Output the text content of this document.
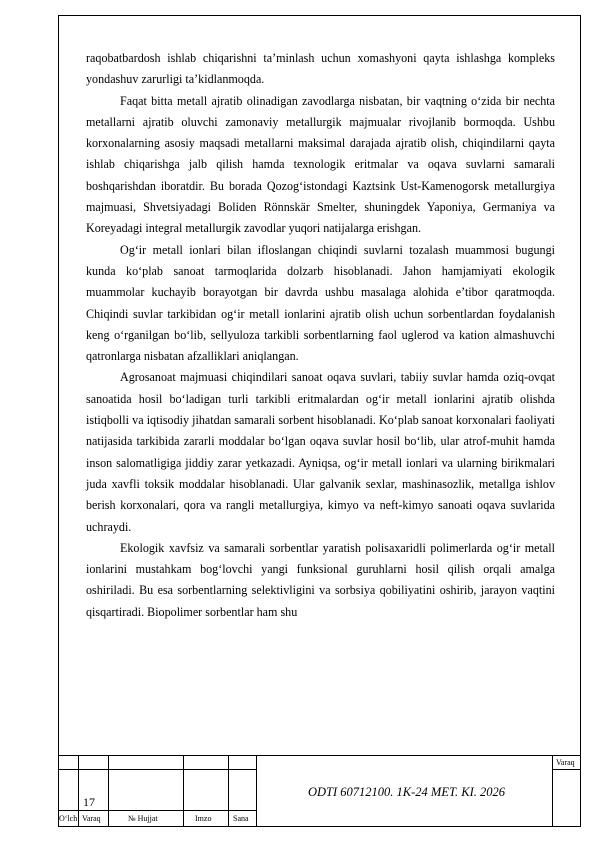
raqobatbardosh ishlab chiqarishni ta’minlash uchun xomashyoni qayta ishlashga kompleks yondashuv zarurligi ta’kidlanmoqda.

Faqat bitta metall ajratib olinadigan zavodlarga nisbatan, bir vaqtning o‘zida bir nechta metallarni ajratib oluvchi zamonaviy metallurgik majmualar rivojlanib bormoqda. Ushbu korxonalarning asosiy maqsadi metallarni maksimal darajada ajratib olish, chiqindilarni qayta ishlab chiqarishga jalb qilish hamda texnologik eritmalar va oqava suvlarni samarali boshqarishdan iboratdir. Bu borada Qozog‘istondagi Kaztsink Ust-Kamenogorsk metallurgiya majmuasi, Shvetsiyadagi Boliden Rönnskär Smelter, shuningdek Yaponiya, Germaniya va Koreyadagi integral metallurgik zavodlar yuqori natijalarga erishgan.

Og‘ir metall ionlari bilan ifloslangan chiqindi suvlarni tozalash muammosi bugungi kunda ko‘plab sanoat tarmoqlarida dolzarb hisoblanadi. Jahon hamjamiyati ekologik muammolar kuchayib borayotgan bir davrda ushbu masalaga alohida e’tibor qaratmoqda. Chiqindi suvlar tarkibidan og‘ir metall ionlarini ajratib olish uchun sorbentlardan foydalanish keng o‘rganilgan bo‘lib, sellyuloza tarkibli sorbentlarning faol uglerod va kation almashuvchi qatronlarga nisbatan afzalliklari aniqlangan.

Agrosanoat majmuasi chiqindilari sanoat oqava suvlari, tabiiy suvlar hamda oziq-ovqat sanoatida hosil bo‘ladigan turli tarkibli eritmalardan og‘ir metall ionlarini ajratib olishda istiqbolli va iqtisodiy jihatdan samarali sorbent hisoblanadi. Ko‘plab sanoat korxonalari faoliyati natijasida tarkibida zararli moddalar bo‘lgan oqava suvlar hosil bo‘lib, ular atrof-muhit hamda inson salomatligiga jiddiy zarar yetkazadi. Ayniqsa, og‘ir metall ionlari va ularning birikmalari juda xavfli toksik moddalar hisoblanadi. Ular galvanik sexlar, mashinasozlik, metallga ishlov berish korxonalari, qora va rangli metallurgiya, kimyo va neft-kimyo sanoati oqava suvlarida uchraydi.

Ekologik xavfsiz va samarali sorbentlar yaratish polisaxaridli polimerlarda og‘ir metall ionlarini mustahkam bog‘lovchi yangi funksional guruhlarni hosil qilish orqali amalga oshiriladi. Bu esa sorbentlarning selektivligini va sorbsiya qobiliyatini oshirib, jarayon vaqtini qisqartiradi. Biopolimer sorbentlar ham shu

17
ODTI 60712100. 1K-24 MET. KI. 2026
Varaq
O‘lch Varaq	№ Hujjat	Imzo	Sana
